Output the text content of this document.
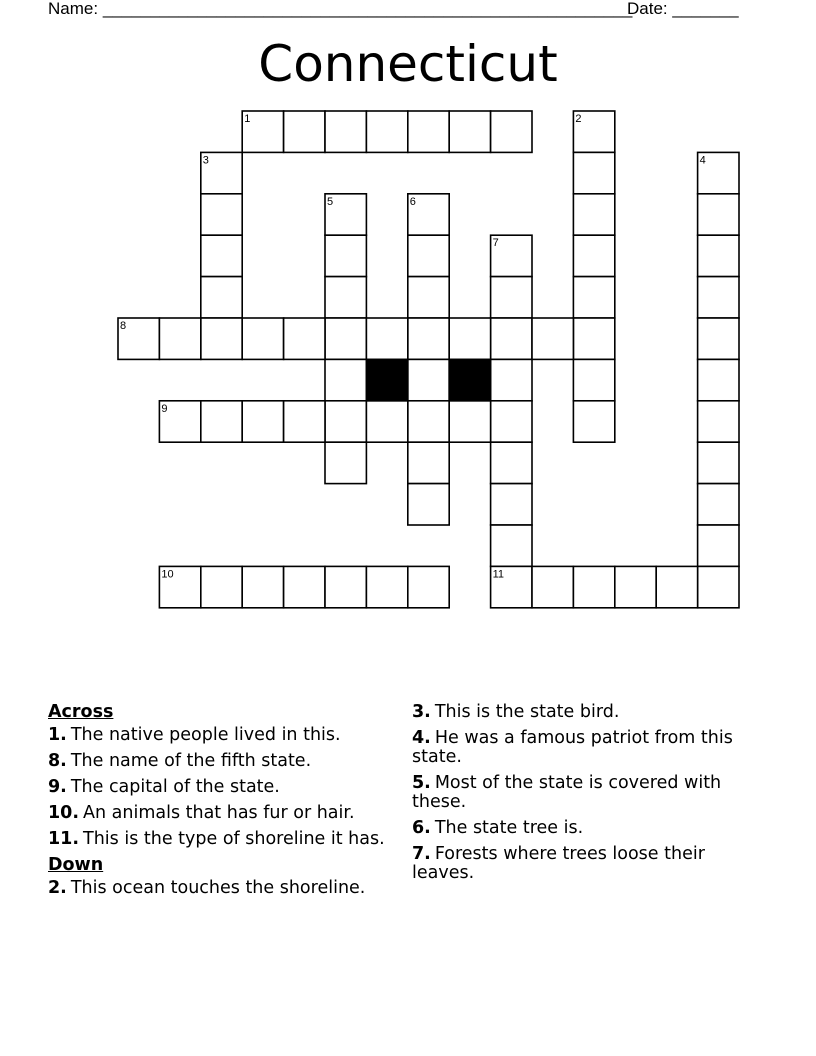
Name: ________________________________________________________
Date: _______
Connecticut
1	2
3	4
5	6
7
8
9
10	11
Across
1. The native people lived in this.
8. The name of the fifth state.
9. The capital of the state.
10. An animals that has fur or hair.
11. This is the type of shoreline it has.
Down
2. This ocean touches the shoreline.
3. This is the state bird.
4. He was a famous patriot from this state.
5. Most of the state is covered with these.
6. The state tree is.
7. Forests where trees loose their leaves.
